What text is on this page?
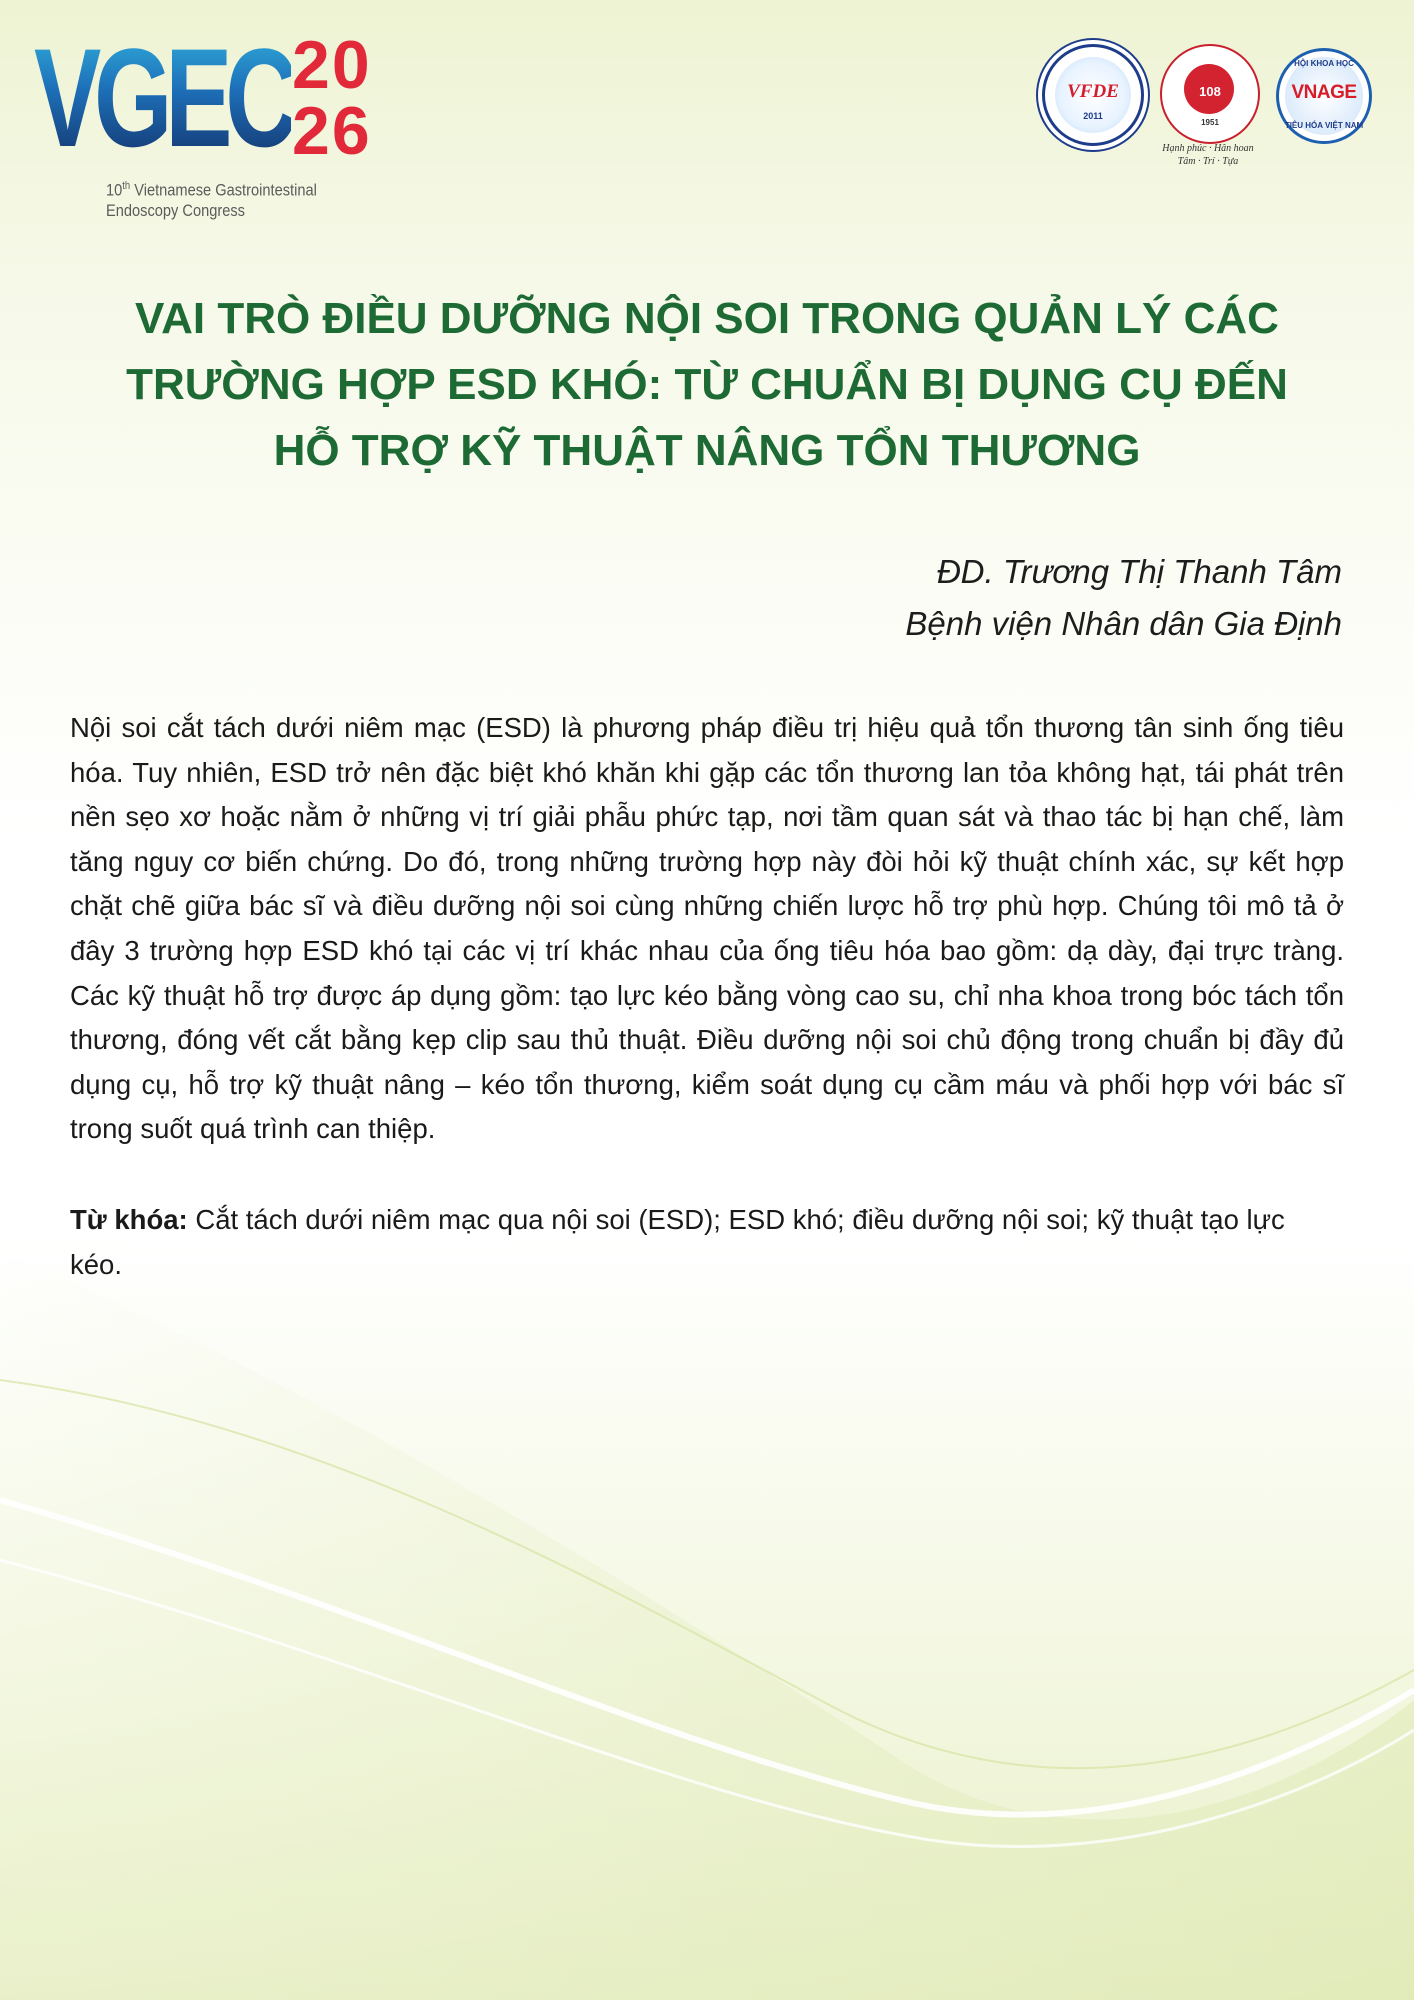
VGEC 20
26
10th Vietnamese Gastrointestinal
Endoscopy Congress
VFDE
2011
108
1951
Hạnh phúc · Hân hoan
Tâm · Trí · Tựa
HỘI KHOA HỌC
VNAGE
TIÊU HÓA VIỆT NAM
VAI TRÒ ĐIỀU DƯỠNG NỘI SOI TRONG QUẢN LÝ CÁC TRƯỜNG HỢP ESD KHÓ: TỪ CHUẨN BỊ DỤNG CỤ ĐẾN HỖ TRỢ KỸ THUẬT NÂNG TỔN THƯƠNG
ĐD. Trương Thị Thanh Tâm
Bệnh viện Nhân dân Gia Định

Nội soi cắt tách dưới niêm mạc (ESD) là phương pháp điều trị hiệu quả tổn thương tân sinh ống tiêu hóa. Tuy nhiên, ESD trở nên đặc biệt khó khăn khi gặp các tổn thương lan tỏa không hạt, tái phát trên nền sẹo xơ hoặc nằm ở những vị trí giải phẫu phức tạp, nơi tầm quan sát và thao tác bị hạn chế, làm tăng nguy cơ biến chứng. Do đó, trong những trường hợp này đòi hỏi kỹ thuật chính xác, sự kết hợp chặt chẽ giữa bác sĩ và điều dưỡng nội soi cùng những chiến lược hỗ trợ phù hợp. Chúng tôi mô tả ở đây 3 trường hợp ESD khó tại các vị trí khác nhau của ống tiêu hóa bao gồm: dạ dày, đại trực tràng. Các kỹ thuật hỗ trợ được áp dụng gồm: tạo lực kéo bằng vòng cao su, chỉ nha khoa trong bóc tách tổn thương, đóng vết cắt bằng kẹp clip sau thủ thuật. Điều dưỡng nội soi chủ động trong chuẩn bị đầy đủ dụng cụ, hỗ trợ kỹ thuật nâng – kéo tổn thương, kiểm soát dụng cụ cầm máu và phối hợp với bác sĩ trong suốt quá trình can thiệp.

Từ khóa: Cắt tách dưới niêm mạc qua nội soi (ESD); ESD khó; điều dưỡng nội soi; kỹ thuật tạo lực kéo.
